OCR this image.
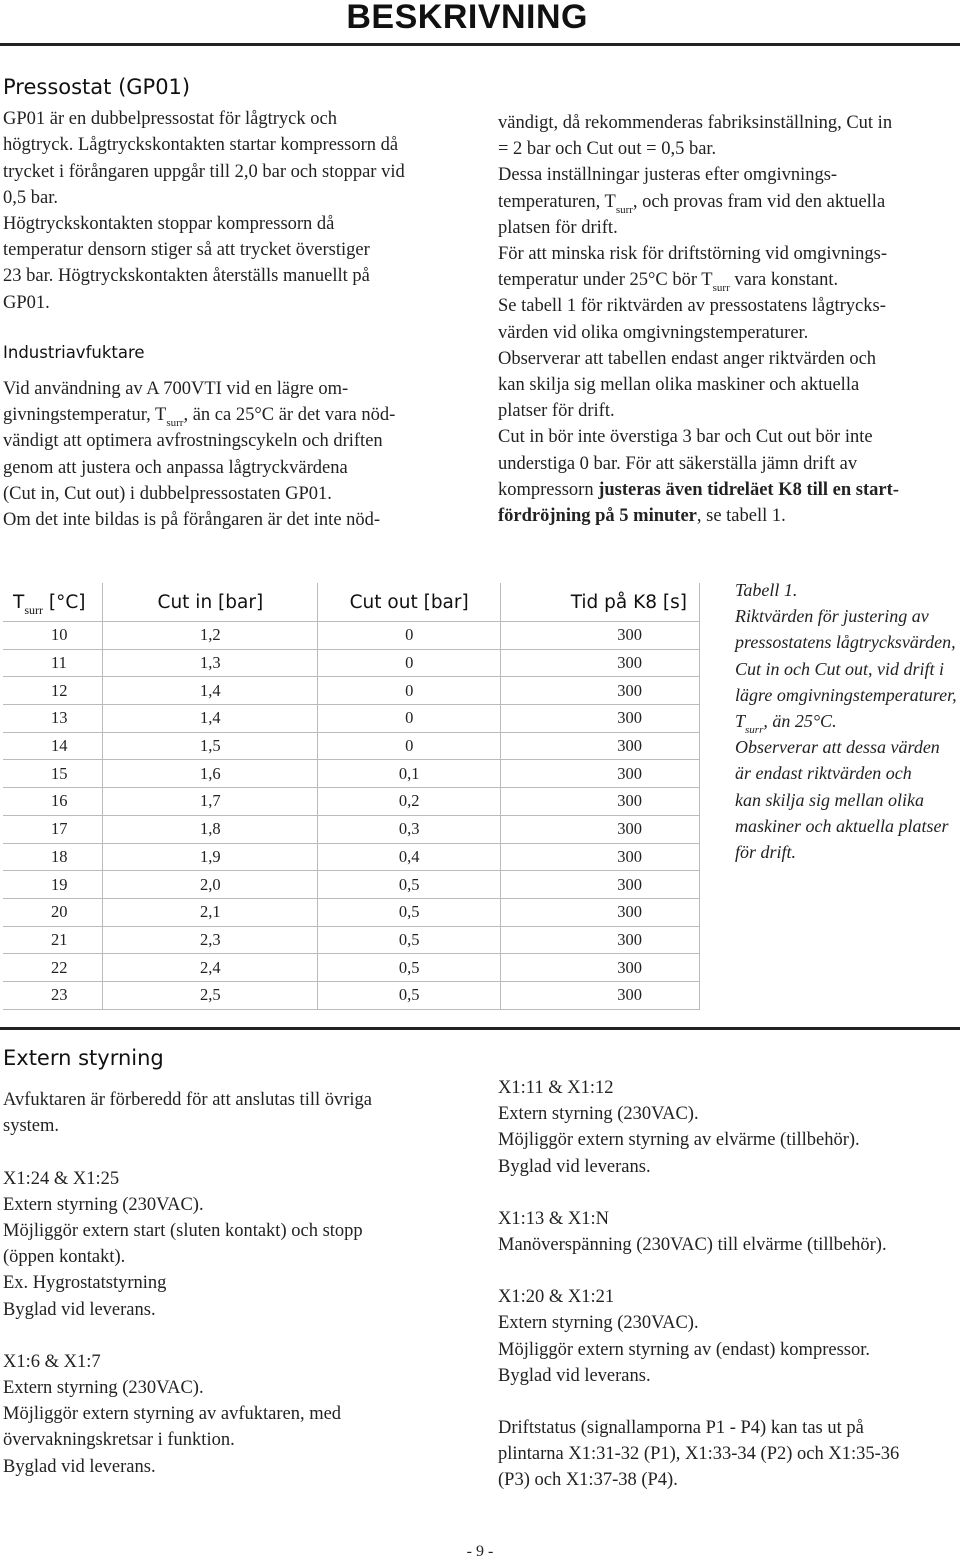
BESKRIVNING

Pressostat (GP01)

GP01 är en dubbelpressostat för lågtryck och

högtryck. Lågtryckskontakten startar kompressorn då

trycket i förångaren uppgår till 2,0 bar och stoppar vid

0,5 bar.

Högtryckskontakten stoppar kompressorn då

temperatur densorn stiger så att trycket överstiger

23 bar. Högtryckskontakten återställs manuellt på

GP01.

Industriavfuktare

Vid användning av A 700VTI vid en lägre om-

givningstemperatur, $T_{surr}$, än ca 25°C är det vara nöd-

vändigt att optimera avfrostningscykeln och driften

genom att justera och anpassa lågtryckvärdena

(Cut in, Cut out) i dubbelpressostaten GP01.

Om det inte bildas is på förångaren är det inte nöd-

vändigt, då rekommenderas fabriksinställning, Cut in

= 2 bar och Cut out = 0,5 bar.

Dessa inställningar justeras efter omgivnings-

temperaturen, $T_{surr}$, och provas fram vid den aktuella

platsen för drift.

För att minska risk för driftstörning vid omgivnings-

temperatur under 25°C bör $T_{surr}$ vara konstant.

Se tabell 1 för riktvärden av pressostatens lågtrycks-

värden vid olika omgivningstemperaturer.

Observerar att tabellen endast anger riktvärden och

kan skilja sig mellan olika maskiner och aktuella

platser för drift.

Cut in bör inte överstiga 3 bar och Cut out bör inte

understiga 0 bar. För att säkerställa jämn drift av

kompressorn justeras även tidreläet K8 till en start-

fördröjning på 5 minuter, se tabell 1.

$T_{surr}$ [°C]	Cut in [bar]	Cut out [bar]	Tid på K8 [s]
10	1,2	0	300
11	1,3	0	300
12	1,4	0	300
13	1,4	0	300
14	1,5	0	300
15	1,6	0,1	300
16	1,7	0,2	300
17	1,8	0,3	300
18	1,9	0,4	300
19	2,0	0,5	300
20	2,1	0,5	300
21	2,3	0,5	300
22	2,4	0,5	300
23	2,5	0,5	300
Tabell 1.
Riktvärden för justering av
pressostatens lågtrycksvärden,
Cut in och Cut out, vid drift i
lägre omgivningstemperaturer,
$T_{surr}$, än 25°C.
Observerar att dessa värden
är endast riktvärden och
kan skilja sig mellan olika
maskiner och aktuella platser
för drift.

Extern styrning

Avfuktaren är förberedd för att anslutas till övriga

system.

X1:24 & X1:25

Extern styrning (230VAC).

Möjliggör extern start (sluten kontakt) och stopp

(öppen kontakt).

Ex. Hygrostatstyrning

Byglad vid leverans.

X1:6 & X1:7

Extern styrning (230VAC).

Möjliggör extern styrning av avfuktaren, med

övervakningskretsar i funktion.

Byglad vid leverans.

X1:11 & X1:12

Extern styrning (230VAC).

Möjliggör extern styrning av elvärme (tillbehör).

Byglad vid leverans.

X1:13 & X1:N

Manöverspänning (230VAC) till elvärme (tillbehör).

X1:20 & X1:21

Extern styrning (230VAC).

Möjliggör extern styrning av (endast) kompressor.

Byglad vid leverans.

Driftstatus (signallamporna P1 - P4) kan tas ut på

plintarna X1:31-32 (P1), X1:33-34 (P2) och X1:35-36

(P3) och X1:37-38 (P4).

- 9 -
